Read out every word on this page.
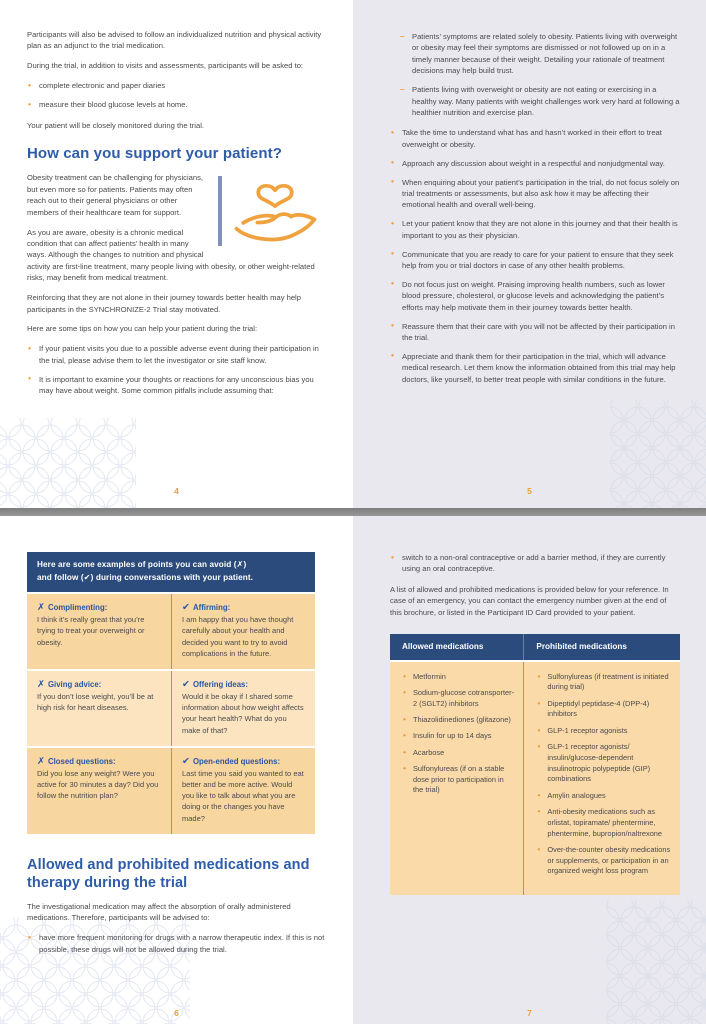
Participants will also be advised to follow an individualized nutrition and physical activity plan as an adjunct to the trial medication.

During the trial, in addition to visits and assessments, participants will be asked to:

• complete electronic and paper diaries
• measure their blood glucose levels at home.

Your patient will be closely monitored during the trial.

How can you support your patient?

Obesity treatment can be challenging for physicians, but even more so for patients. Patients may often reach out to their general physicians or other members of their healthcare team for support.

As you are aware, obesity is a chronic medical condition that can affect patients’ health in many ways. Although the changes to nutrition and physical activity are first-line treatment, many people living with obesity, or other weight-related risks, may benefit from medical treatment.

Reinforcing that they are not alone in their journey towards better health may help participants in the SYNCHRONIZE-2 Trial stay motivated.

Here are some tips on how you can help your patient during the trial:

• If your patient visits you due to a possible adverse event during their participation in the trial, please advise them to let the investigator or site staff know.
• It is important to examine your thoughts or reactions for any unconscious bias you may have about weight. Some common pitfalls include assuming that:
4
– Patients’ symptoms are related solely to obesity. Patients living with overweight or obesity may feel their symptoms are dismissed or not followed up on in a timely manner because of their weight. Detailing your rationale of treatment decisions may help build trust.
– Patients living with overweight or obesity are not eating or exercising in a healthy way. Many patients with weight challenges work very hard at following a healthier nutrition and exercise plan.
• Take the time to understand what has and hasn’t worked in their effort to treat overweight or obesity.
• Approach any discussion about weight in a respectful and nonjudgmental way.
• When enquiring about your patient’s participation in the trial, do not focus solely on trial treatments or assessments, but also ask how it may be affecting their emotional health and overall well-being.
• Let your patient know that they are not alone in this journey and that their health is important to you as their physician.
• Communicate that you are ready to care for your patient to ensure that they seek help from you or trial doctors in case of any other health problems.
• Do not focus just on weight. Praising improving health numbers, such as lower blood pressure, cholesterol, or glucose levels and acknowledging the patient’s efforts may help motivate them in their journey towards better health.
• Reassure them that their care with you will not be affected by their participation in the trial.
• Appreciate and thank them for their participation in the trial, which will advance medical research. Let them know the information obtained from this trial may help doctors, like yourself, to better treat people with similar conditions in the future.
5
Here are some examples of points you can avoid (✗)
and follow (✔) during conversations with your patient.
✗ Complimenting:
I think it’s really great that you’re trying to treat your overweight or obesity.
✔ Affirming:
I am happy that you have thought carefully about your health and decided you want to try to avoid complications in the future.
✗ Giving advice:
If you don’t lose weight, you’ll be at high risk for heart diseases.
✔ Offering ideas:
Would it be okay if I shared some information about how weight affects your heart health? What do you make of that?
✗ Closed questions:
Did you lose any weight? Were you active for 30 minutes a day? Did you follow the nutrition plan?
✔ Open-ended questions:
Last time you said you wanted to eat better and be more active. Would you like to talk about what you are doing or the changes you have made?
Allowed and prohibited medications and therapy during the trial

The investigational medication may affect the absorption of orally administered medications. Therefore, participants will be advised to:

• have more frequent monitoring for drugs with a narrow therapeutic index. If this is not possible, these drugs will not be allowed during the trial.
6
• switch to a non-oral contraceptive or add a barrier method, if they are currently using an oral contraceptive.

A list of allowed and prohibited medications is provided below for your reference. In case of an emergency, you can contact the emergency number given at the end of this brochure, or listed in the Participant ID Card provided to your patient.

Allowed medications	Prohibited medications
• Metformin
• Sodium-glucose cotransporter-2 (SGLT2) inhibitors
• Thiazolidinediones (glitazone)
• Insulin for up to 14 days
• Acarbose
• Sulfonylureas (if on a stable dose prior to participation in the trial)
• Sulfonylureas (if treatment is initiated during trial)
• Dipeptidyl peptidase-4 (DPP-4) inhibitors
• GLP-1 receptor agonists
• GLP-1 receptor agonists/ insulin/glucose-dependent insulinotropic polypeptide (GIP) combinations
• Amylin analogues
• Anti-obesity medications such as orlistat, topiramate/ phentermine, phentermine, bupropion/naltrexone
• Over-the-counter obesity medications or supplements, or participation in an organized weight loss program
7
